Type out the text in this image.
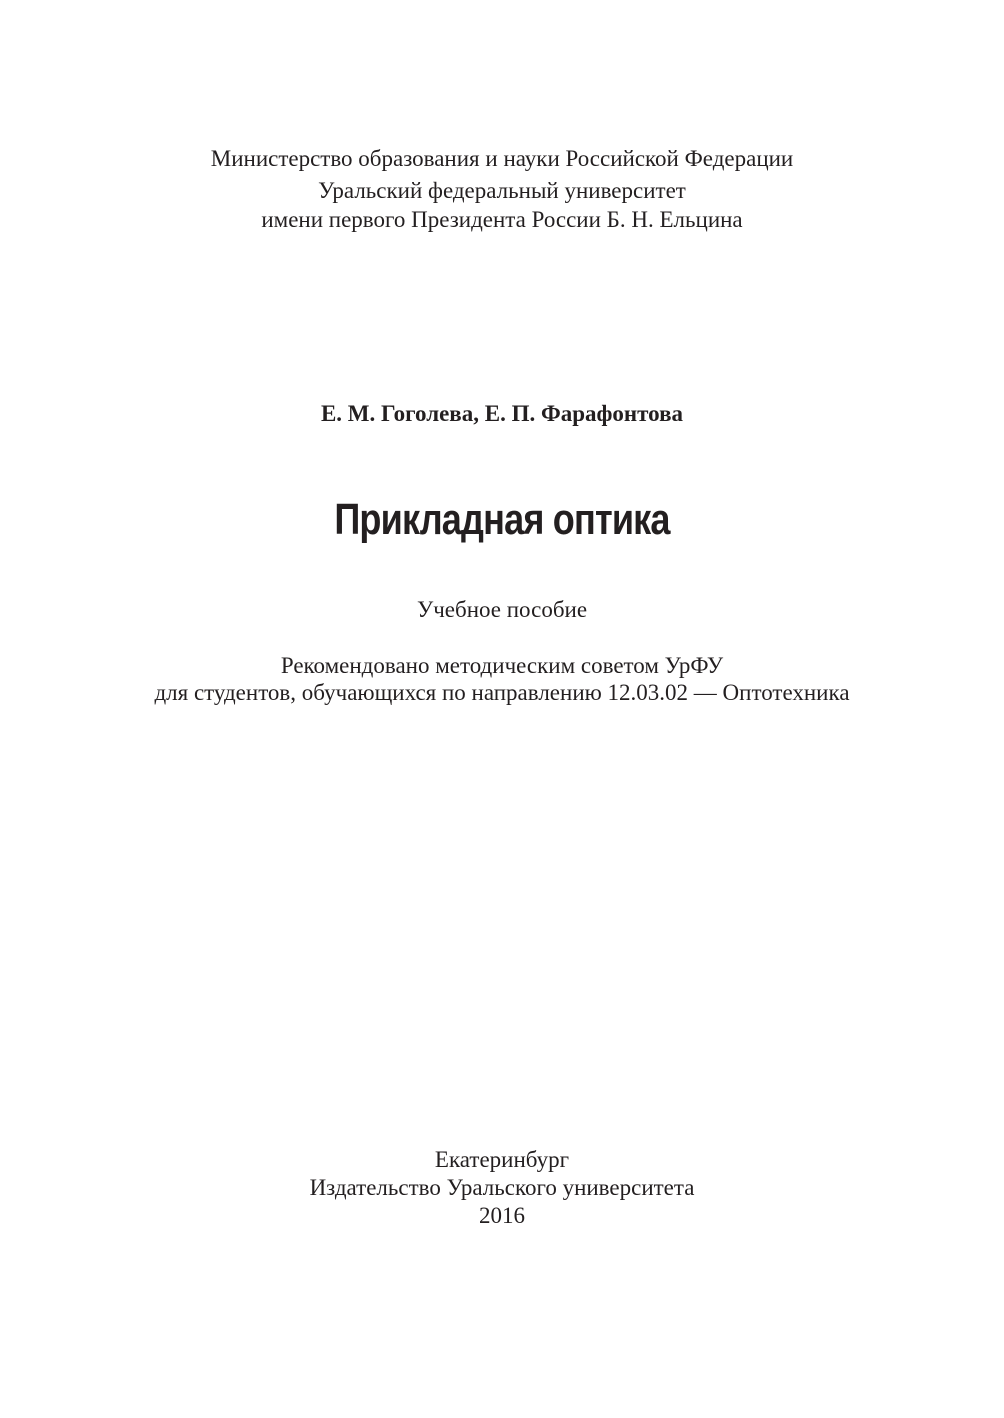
Министерство образования и науки Российской Федерации
Уральский федеральный университет
имени первого Президента России Б. Н. Ельцина
Е. М. Гоголева, Е. П. Фарафонтова
Прикладная оптика
Учебное пособие
Рекомендовано методическим советом УрФУ
для студентов, обучающихся по направлению 12.03.02 — Оптотехника
Екатеринбург
Издательство Уральского университета
2016
